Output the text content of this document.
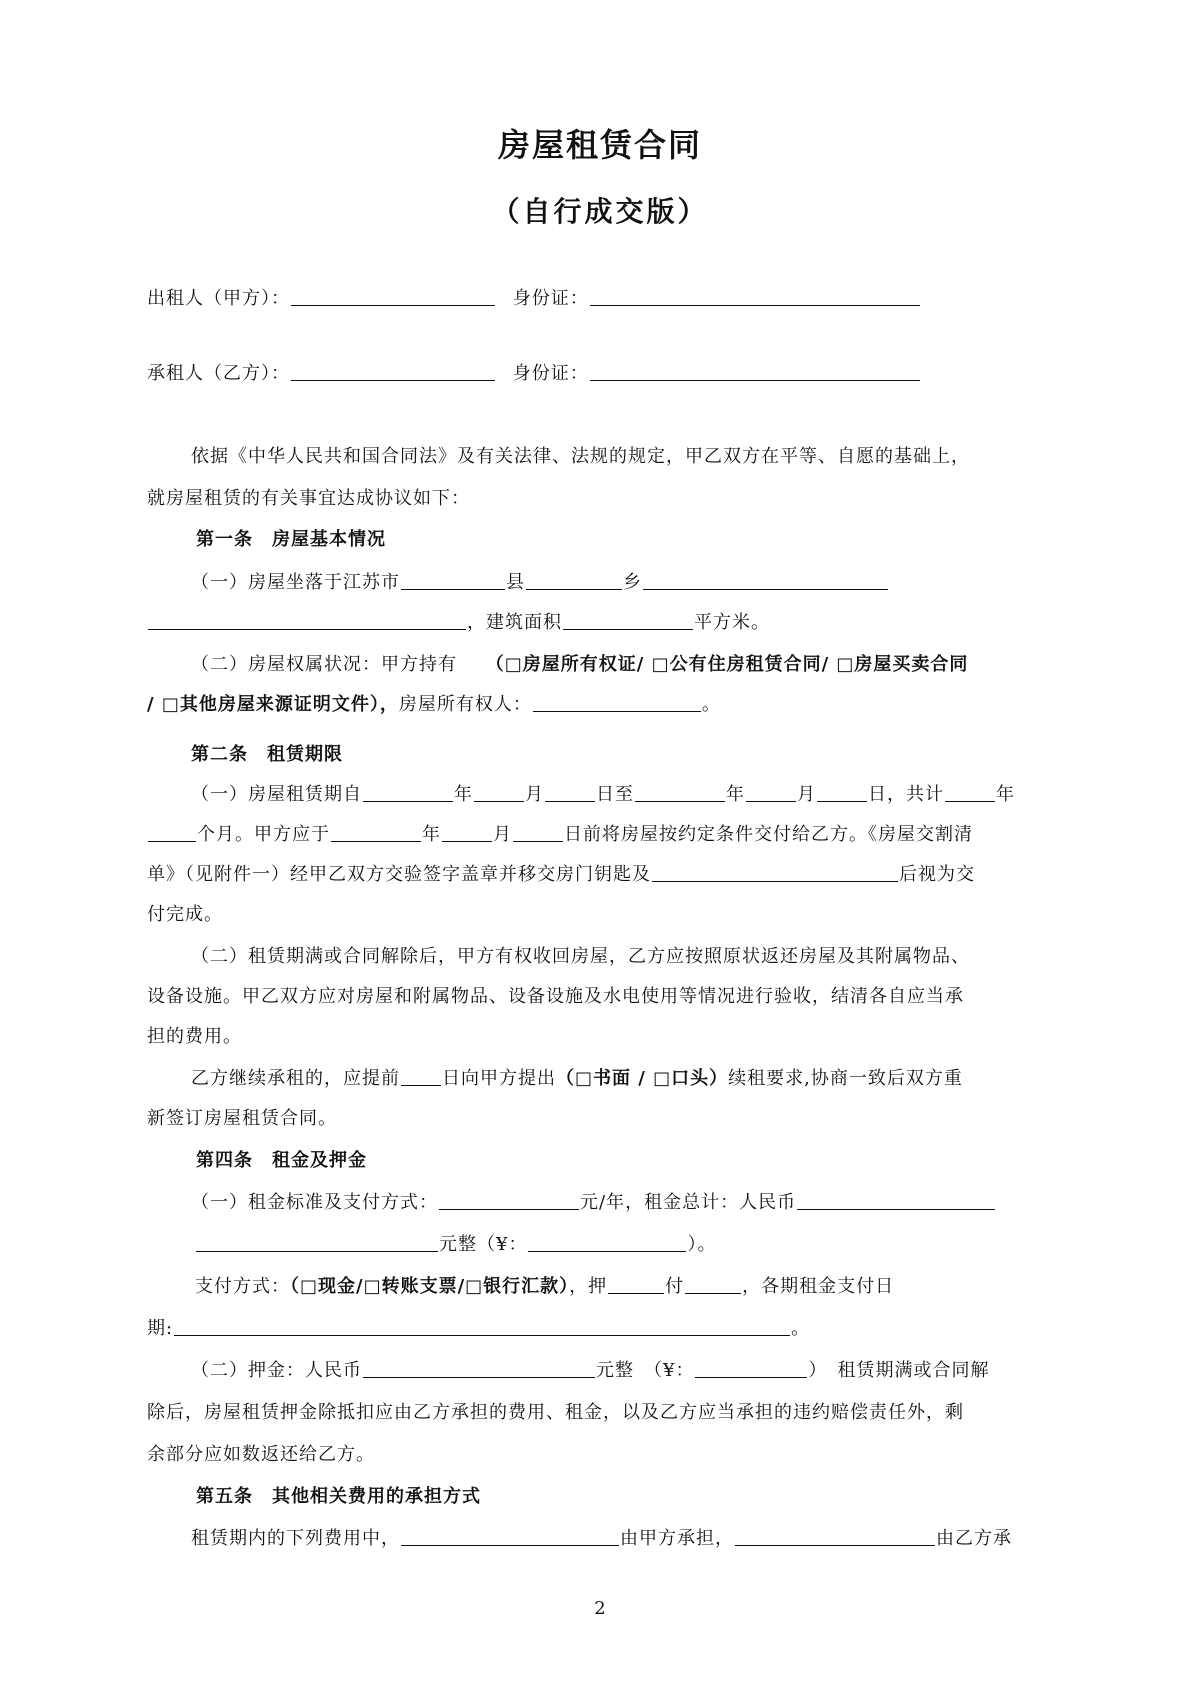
房屋租赁合同
（自行成交版）
出租人（甲方）：	身份证：
承租人（乙方）：	身份证：
依据《中华人民共和国合同法》及有关法律、法规的规定，甲乙双方在平等、自愿的基础上，
就房屋租赁的有关事宜达成协议如下：
第一条　房屋基本情况
（一）房屋坐落于江苏市	县	乡
，建筑面积	平方米。
（二）房屋权属状况：甲方持有 （□房屋所有权证/ □公有住房租赁合同/ □房屋买卖合同
/ □其他房屋来源证明文件），房屋所有权人：	。
第二条　租赁期限
（一）房屋租赁期自	年	月	日至	年	月	日，共计	年
个月。甲方应于	年	月	日前将房屋按约定条件交付给乙方。《房屋交割清
单》（见附件一）经甲乙双方交验签字盖章并移交房门钥匙及	后视为交
付完成。
（二）租赁期满或合同解除后，甲方有权收回房屋，乙方应按照原状返还房屋及其附属物品、
设备设施。甲乙双方应对房屋和附属物品、设备设施及水电使用等情况进行验收，结清各自应当承
担的费用。
乙方继续承租的，应提前 日向甲方提出（□书面 / □口头）续租要求,协商一致后双方重
新签订房屋租赁合同。
第四条　租金及押金
（一）租金标准及支付方式：	元/年，租金总计：人民币
元整（¥：	）。
支付方式：（□现金/□转账支票/□银行汇款），押	付	，各期租金支付日
期:	。
（二）押金：人民币	元整　（¥：	）　租赁期满或合同解
除后，房屋租赁押金除抵扣应由乙方承担的费用、租金，以及乙方应当承担的违约赔偿责任外，剩
余部分应如数返还给乙方。
第五条　其他相关费用的承担方式
租赁期内的下列费用中，	由甲方承担，	由乙方承
2
